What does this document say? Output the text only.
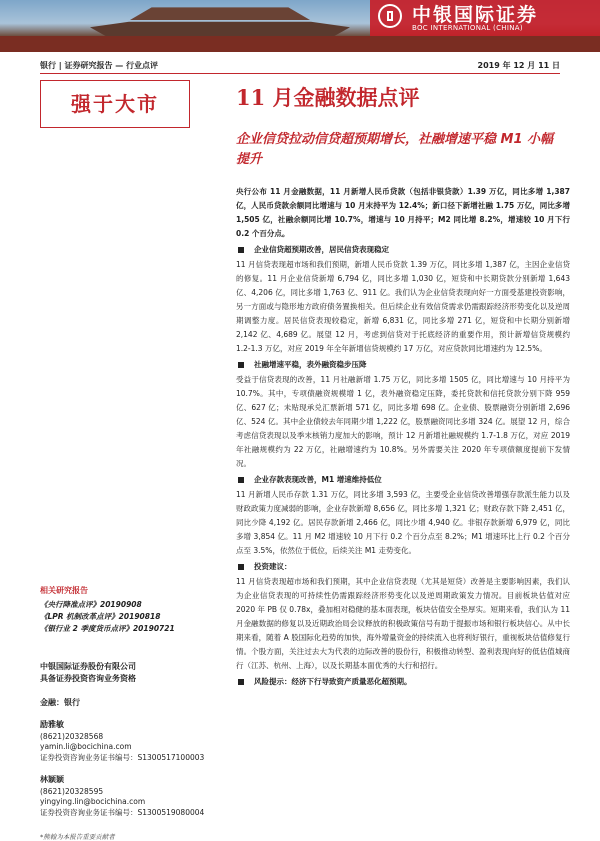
中银国际证券
BOC INTERNATIONAL (CHINA)
银行 | 证券研究报告 — 行业点评	2019 年 12 月 11 日
强于大市	11 月金融数据点评
企业信贷拉动信贷超预期增长，社融增速平稳 M1 小幅提升

央行公布 11 月金融数据，11 月新增人民币贷款（包括非银贷款）1.39 万亿，同比多增 1,387 亿，人民币贷款余额同比增速与 10 月末持平为 12.4%；新口径下新增社融 1.75 万亿，同比多增 1,505 亿，社融余额同比增 10.7%，增速与 10 月持平；M2 同比增 8.2%，增速较 10 月下行 0.2 个百分点。

企业信贷超预期改善，居民信贷表现稳定

11 月信贷表现超市场和我们预期，新增人民币贷款 1.39 万亿，同比多增 1,387 亿，主因企业信贷的修复。11 月企业信贷新增 6,794 亿，同比多增 1,030 亿，短贷和中长期贷款分别新增 1,643 亿、4,206 亿，同比多增 1,763 亿、911 亿。我们认为企业信贷表现向好一方面受基建投资影响，另一方面或与隐形地方政府债务置换相关。但后续企业有效信贷需求仍需跟踪经济形势变化以及逆周期调整力度。居民信贷表现较稳定，新增 6,831 亿，同比多增 271 亿，短贷和中长期分别新增 2,142 亿、4,689 亿。展望 12 月，考虑到信贷对于托底经济的重要作用，预计新增信贷规模约 1.2-1.3 万亿，对应 2019 年全年新增信贷规模约 17 万亿，对应贷款同比增速约为 12.5%。

社融增速平稳，表外融资稳步压降

受益于信贷表现的改善，11 月社融新增 1.75 万亿，同比多增 1505 亿，同比增速与 10 月持平为 10.7%。其中，专项债融资规模增 1 亿，表外融资稳定压降，委托贷款和信托贷款分别下降 959 亿、627 亿；未贴现承兑汇票新增 571 亿，同比多增 698 亿。企业债、股票融资分别新增 2,696 亿、524 亿。其中企业债较去年同期少增 1,222 亿，股票融资同比多增 324 亿。展望 12 月，综合考虑信贷表现以及季末核销力度加大的影响，预计 12 月新增社融规模约 1.7-1.8 万亿，对应 2019 年社融规模约为 22 万亿，社融增速约为 10.8%。另外需要关注 2020 年专项债额度提前下发情况。

企业存款表现改善，M1 增速维持低位

11 月新增人民币存款 1.31 万亿，同比多增 3,593 亿，主要受企业信贷改善增强存款派生能力以及财政政策力度减弱的影响，企业存款新增 8,656 亿，同比多增 1,321 亿；财政存款下降 2,451 亿，同比少降 4,192 亿。居民存款新增 2,466 亿，同比少增 4,940 亿。非银存款新增 6,979 亿，同比多增 3,854 亿。11 月 M2 增速较 10 月下行 0.2 个百分点至 8.2%；M1 增速环比上行 0.2 个百分点至 3.5%，依然位于低位，后续关注 M1 走势变化。

投资建议：

11 月信贷表现超市场和我们预期，其中企业信贷表现（尤其是短贷）改善是主要影响因素，我们认为企业信贷表现的可持续性仍需跟踪经济形势变化以及逆周期政策发力情况。目前板块估值对应 2020 年 PB 仅 0.78x，叠加相对稳健的基本面表现，板块估值安全垫厚实。短期来看，我们认为 11 月金融数据的修复以及近期政治局会议释放的积极政策信号有助于提振市场和银行板块信心。从中长期来看，随着 A 股国际化趋势的加快，海外增量资金的持续流入也将利好银行，重视板块估值修复行情。个股方面，关注过去大为代表的边际改善的股份行，积极推动转型、盈利表现向好的低估值城商行（江苏、杭州、上海），以及长期基本面优秀的大行和招行。

风险提示：经济下行导致资产质量恶化超预期。
相关研究报告
《央行降准点评》20190908
《LPR 机制改革点评》20190818
《银行业 2 季度货币点评》20190721
中银国际证券股份有限公司
具备证券投资咨询业务资格
金融：银行
励雅敏
(8621)20328568
yamin.li@bocichina.com
证券投资咨询业务证书编号：S1300517100003
林颖颖
(8621)20328595
yingying.lin@bocichina.com
证券投资咨询业务证书编号：S1300519080004
*熊翰为本报告重要贡献者
